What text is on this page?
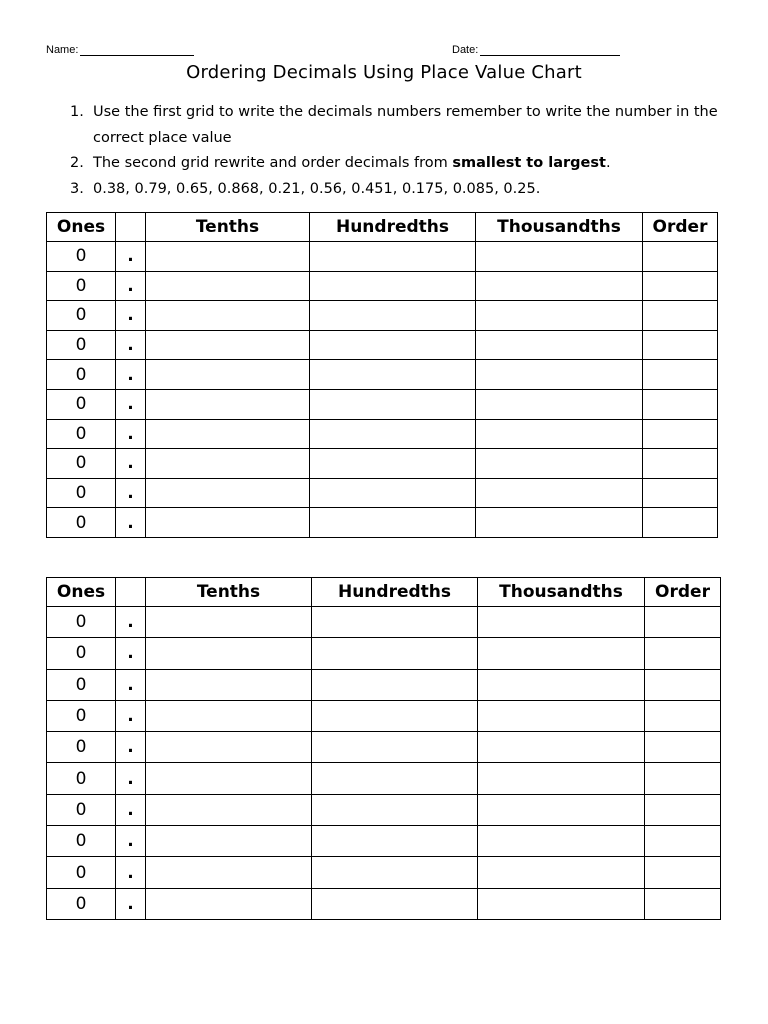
Name:	Date:
Ordering Decimals Using Place Value Chart
1. Use the first grid to write the decimals numbers remember to write the number in the correct place value
2. The second grid rewrite and order decimals from smallest to largest.
3. 0.38, 0.79, 0.65, 0.868, 0.21, 0.56, 0.451, 0.175, 0.085, 0.25.
Ones		Tenths	Hundredths	Thousandths	Order
0	.				
0	.				
0	.				
0	.				
0	.				
0	.				
0	.				
0	.				
0	.				
0	.				
Ones		Tenths	Hundredths	Thousandths	Order
0	.				
0	.				
0	.				
0	.				
0	.				
0	.				
0	.				
0	.				
0	.				
0	.				
